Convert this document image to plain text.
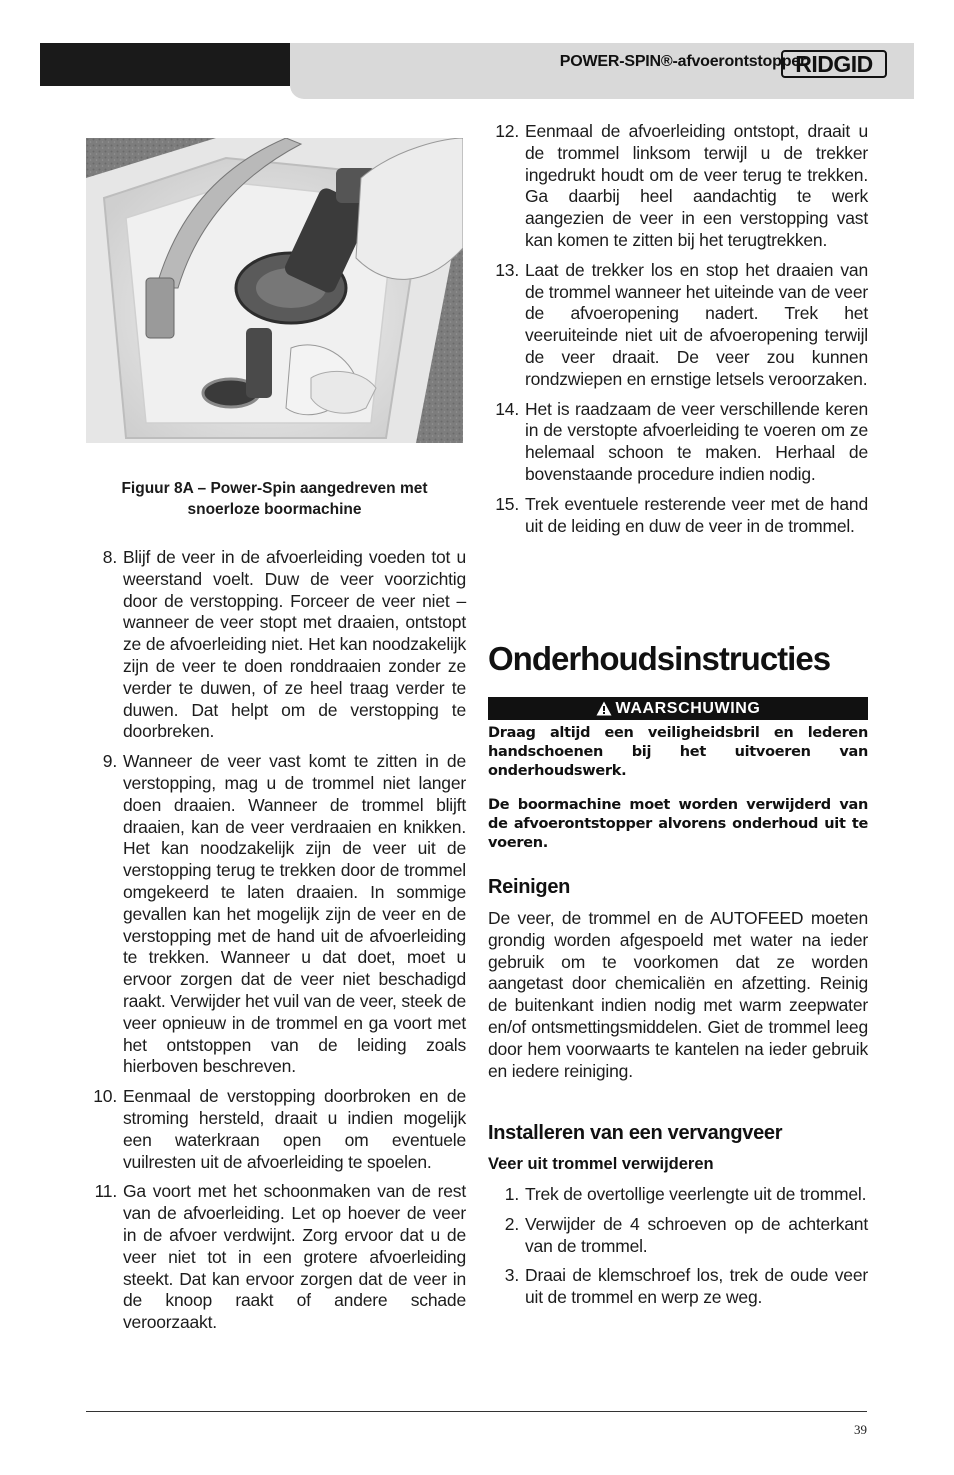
POWER-SPIN®-afvoerontstopper
RIDGID
Figuur 8A – Power-Spin aangedreven met
snoerloze boormachine
8. Blijf de veer in de afvoerleiding voeden tot u weerstand voelt. Duw de veer voorzichtig door de verstopping. Forceer de veer niet – wanneer de veer stopt met draaien, ontstopt ze de afvoerleiding niet. Het kan noodzakelijk zijn de veer te doen ronddraaien zonder ze verder te duwen, of ze heel traag verder te duwen. Dat helpt om de verstopping te doorbreken.
9. Wanneer de veer vast komt te zitten in de verstopping, mag u de trommel niet langer doen draaien. Wanneer de trommel blijft draaien, kan de veer verdraaien en knikken. Het kan noodzakelijk zijn de veer uit de verstopping terug te trekken door de trommel omgekeerd te laten draaien. In sommige gevallen kan het mogelijk zijn de veer en de verstopping met de hand uit de afvoerleiding te trekken. Wanneer u dat doet, moet u ervoor zorgen dat de veer niet beschadigd raakt. Verwijder het vuil van de veer, steek de veer opnieuw in de trommel en ga voort met het ontstoppen van de leiding zoals hierboven beschreven.
10. Eenmaal de verstopping doorbroken en de stroming hersteld, draait u indien mogelijk een waterkraan open om eventuele vuilresten uit de afvoerleiding te spoelen.
11. Ga voort met het schoonmaken van de rest van de afvoerleiding. Let op hoever de veer in de afvoer verdwijnt. Zorg ervoor dat u de veer niet tot in een grotere afvoerleiding steekt. Dat kan ervoor zorgen dat de veer in de knoop raakt of andere schade veroorzaakt.
12. Eenmaal de afvoerleiding ontstopt, draait u de trommel linksom terwijl u de trekker ingedrukt houdt om de veer terug te trekken. Ga daarbij heel aandachtig te werk aangezien de veer in een verstopping vast kan komen te zitten bij het terugtrekken.
13. Laat de trekker los en stop het draaien van de trommel wanneer het uiteinde van de veer de afvoeropening nadert. Trek het veeruiteinde niet uit de afvoeropening terwijl de veer draait. De veer zou kunnen rondzwiepen en ernstige letsels veroorzaken.
14. Het is raadzaam de veer verschillende keren in de verstopte afvoerleiding te voeren om ze helemaal schoon te maken. Herhaal de bovenstaande procedure indien nodig.
15. Trek eventuele resterende veer met de hand uit de leiding en duw de veer in de trommel.
Onderhoudsinstructies
WAARSCHUWING
Draag altijd een veiligheidsbril en lederen handschoenen bij het uitvoeren van onderhoudswerk.
De boormachine moet worden verwijderd van de afvoerontstopper alvorens onderhoud uit te voeren.
Reinigen
De veer, de trommel en de AUTOFEED moeten grondig worden afgespoeld met water na ieder gebruik om te voorkomen dat ze worden aangetast door chemicaliën en afzetting. Reinig de buitenkant indien nodig met warm zeepwater en/of ontsmettingsmiddelen. Giet de trommel leeg door hem voorwaarts te kantelen na ieder gebruik en iedere reiniging.
Installeren van een vervangveer
Veer uit trommel verwijderen
1. Trek de overtollige veerlengte uit de trommel.
2. Verwijder de 4 schroeven op de achterkant van de trommel.
3. Draai de klemschroef los, trek de oude veer uit de trommel en werp ze weg.
39
